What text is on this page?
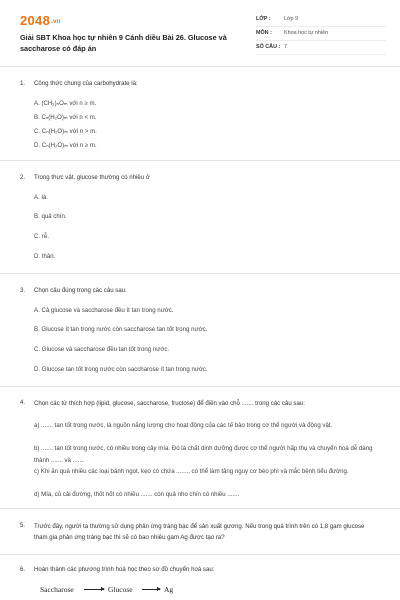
2048.vn
Giải SBT Khoa học tự nhiên 9 Cánh diều Bài 26. Glucose và saccharose có đáp án
LỚP : Lớp 9
MÔN : Khoa học tự nhiên
SỐ CÂU : 7
1. Công thức chung của carbohydrate là:
A. (CH₂)ₙOₘ với n ≥ m.
B. Cₙ(H₂O)ₘ với n < m.
C. Cₙ(H₂O)ₘ với n > m.
D. Cₙ(H₂O)ₘ với n ≥ m.
2. Trong thực vật, glucose thường có nhiều ở
A. lá.
B. quả chín.
C. rễ.
D. thân.
3. Chọn câu đúng trong các câu sau.
A. Cả glucose và saccharose đều ít tan trong nước.
B. Glucose ít tan trong nước còn saccharose tan tốt trong nước.
C. Glucose và saccharose đều tan tốt trong nước.
D. Glucose tan tốt trong nước còn saccharose ít tan trong nước.
4. Chọn các từ thích hợp (lipid, glucose, saccharose, fructose) để điền vào chỗ ....... trong các câu sau:
a) ....... tan tốt trong nước, là nguồn năng lượng cho hoạt động của các tế bào trong cơ thể người và động vật.
b) ....... tan tốt trong nước, có nhiều trong cây mía. Đó là chất dinh dưỡng được cơ thể người hấp thụ và chuyển hoá dễ dàng thành ....... và .......
c) Khi ăn quá nhiều các loại bánh ngọt, kẹo có chứa ......., có thể làm tăng nguy cơ béo phì và mắc bệnh tiểu đường.
d) Mía, củ cải đường, thốt nốt có nhiều ....... còn quả nho chín có nhiều .......
5. Trước đây, người ta thường sử dụng phản ứng tráng bạc để sản xuất gương. Nếu trong quá trình trên có 1,8 gam glucose tham gia phản ứng tráng bạc thì sẽ có bao nhiêu gam Ag được tạo ra?
6. Hoàn thành các phương trình hoá học theo sơ đồ chuyển hoá sau:
Saccharose	Glucose	Ag
